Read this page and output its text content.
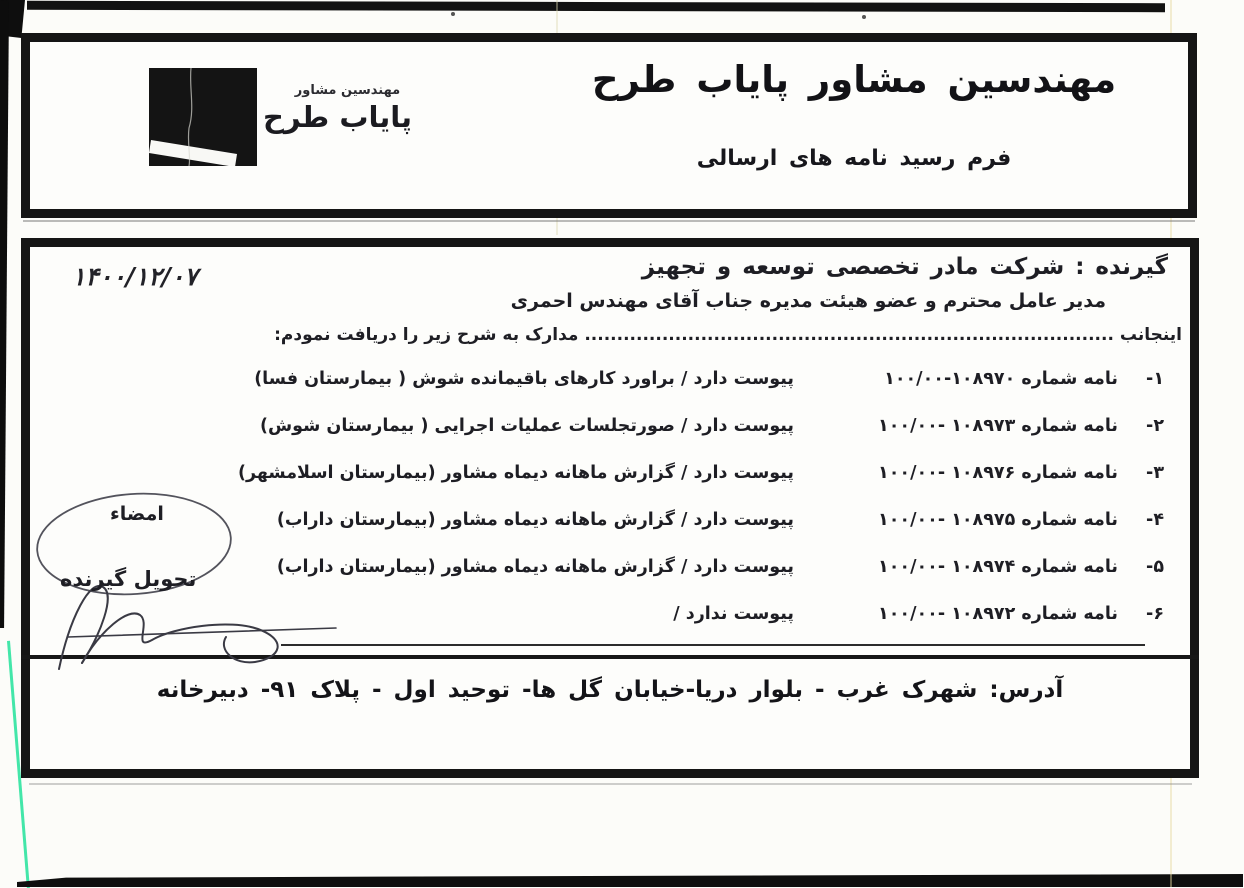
مهندسین مشاور
پایاب طرح
مهندسین مشاور پایاب طرح
فرم رسید نامه های ارسالی
گیرنده : شرکت مادر تخصصی توسعه و تجهیز
۱۴۰۰/۱۲/۰۷
مدیر عامل محترم و عضو هیئت مدیره جناب آقای مهندس احمری
اینجانب .................................................................................. مدارک به شرح زیر را دریافت نمودم:
۱-
نامه شماره ۱۰۰/۰۰-۱۰۸۹۷۰
پیوست دارد / براورد کارهای باقیمانده شوش ( بیمارستان فسا)
۲-
نامه شماره ۱۰۰/۰۰- ۱۰۸۹۷۳
پیوست دارد / صورتجلسات عملیات اجرایی ( بیمارستان شوش)
۳-
نامه شماره ۱۰۰/۰۰- ۱۰۸۹۷۶
پیوست دارد / گزارش ماهانه دیماه مشاور (بیمارستان اسلامشهر)
۴-
نامه شماره ۱۰۰/۰۰- ۱۰۸۹۷۵
پیوست دارد / گزارش ماهانه دیماه مشاور (بیمارستان داراب)
۵-
نامه شماره ۱۰۰/۰۰- ۱۰۸۹۷۴
پیوست دارد / گزارش ماهانه دیماه مشاور (بیمارستان داراب)
۶-
نامه شماره ۱۰۰/۰۰- ۱۰۸۹۷۲
پیوست ندارد /
آدرس: شهرک غرب - بلوار دریا-خیابان گل ها- توحید اول - پلاک ۹۱- دبیرخانه
امضاء
تحویل گیرنده
